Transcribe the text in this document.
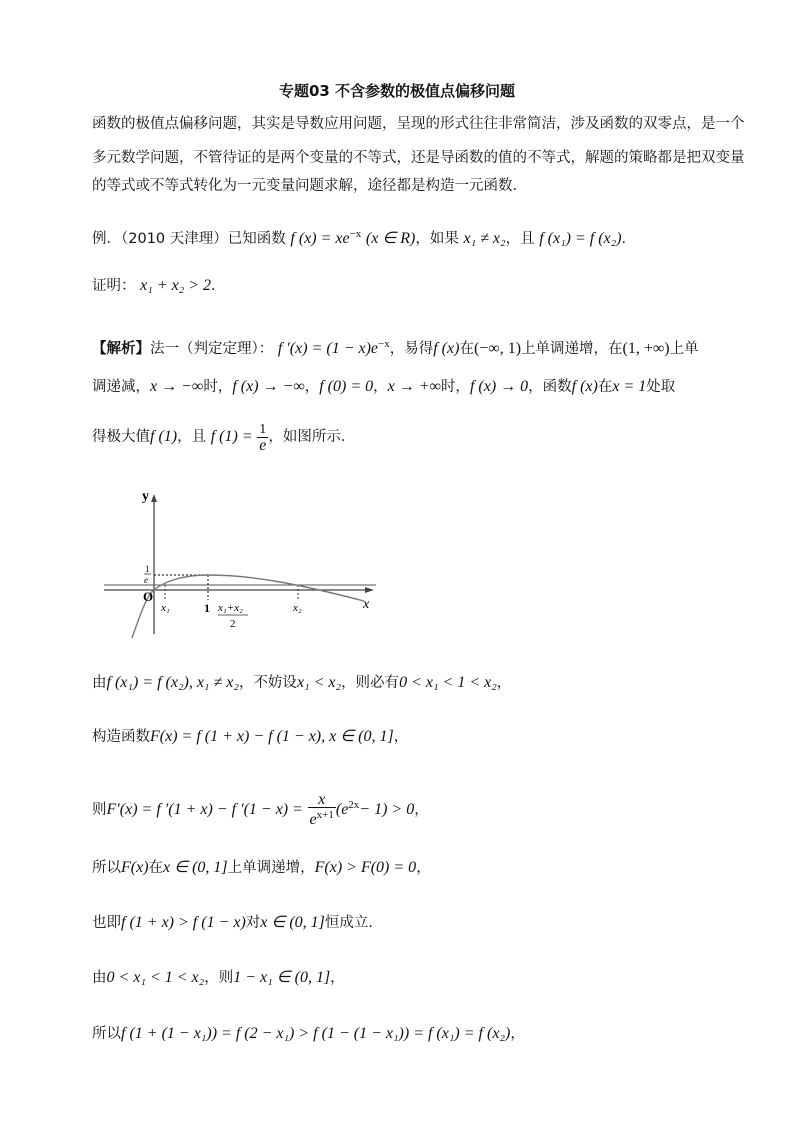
专题03 不含参数的极值点偏移问题
函数的极值点偏移问题，其实是导数应用问题，呈现的形式往往非常简洁，涉及函数的双零点，是一个
多元数学问题，不管待证的是两个变量的不等式，还是导函数的值的不等式，解题的策略都是把双变量
的等式或不等式转化为一元变量问题求解，途径都是构造一元函数．
例．（2010 天津理）已知函数 f $(x) = xe^{-x}$ (x ∈ R)，如果 x₁ ≠ x₂，且 f (x₁) = f (x₂)．
证明： x₁ + x₂ > 2．
【解析】法一（判定定理）： f $'(x) = (1 - x)e^{-x}$，易得f (x)在(−∞, 1)上单调递增，在(1, +∞)上单
调递减，x → −∞时，f (x) → −∞，f (0) = 0，x → +∞时，f (x) → 0，函数f (x)在x = 1处取
得极大值f (1)，且 f $(1) = \frac{1}{e}$ ，如图所示．
y
x
O
1
e
x₁	1 x₁+x₂
2
x₂
由f (x₁) = f (x₂), x₁ ≠ x₂，不妨设x₁ < x₂，则必有0 < x₁ < 1 < x₂，
构造函数F(x) = f (1 + x) − f (1 − x), x ∈ (0, 1]，
则F′(x) = f ′(1 + x) − f $'(1 - x) = \frac{x}{e^{x+1}} (e^{2x}- 1) > 0$，
所以F(x)在x ∈ (0, 1]上单调递增，F(x) > F(0) = 0，
也即f (1 + x) > f (1 − x)对x ∈ (0, 1]恒成立．
由0 < x₁ < 1 < x₂，则1 − x₁ ∈ (0, 1]，
所以f (1 + (1 − x₁)) = f (2 − x₁) > f (1 − (1 − x₁)) = f (x₁) = f (x₂)，
